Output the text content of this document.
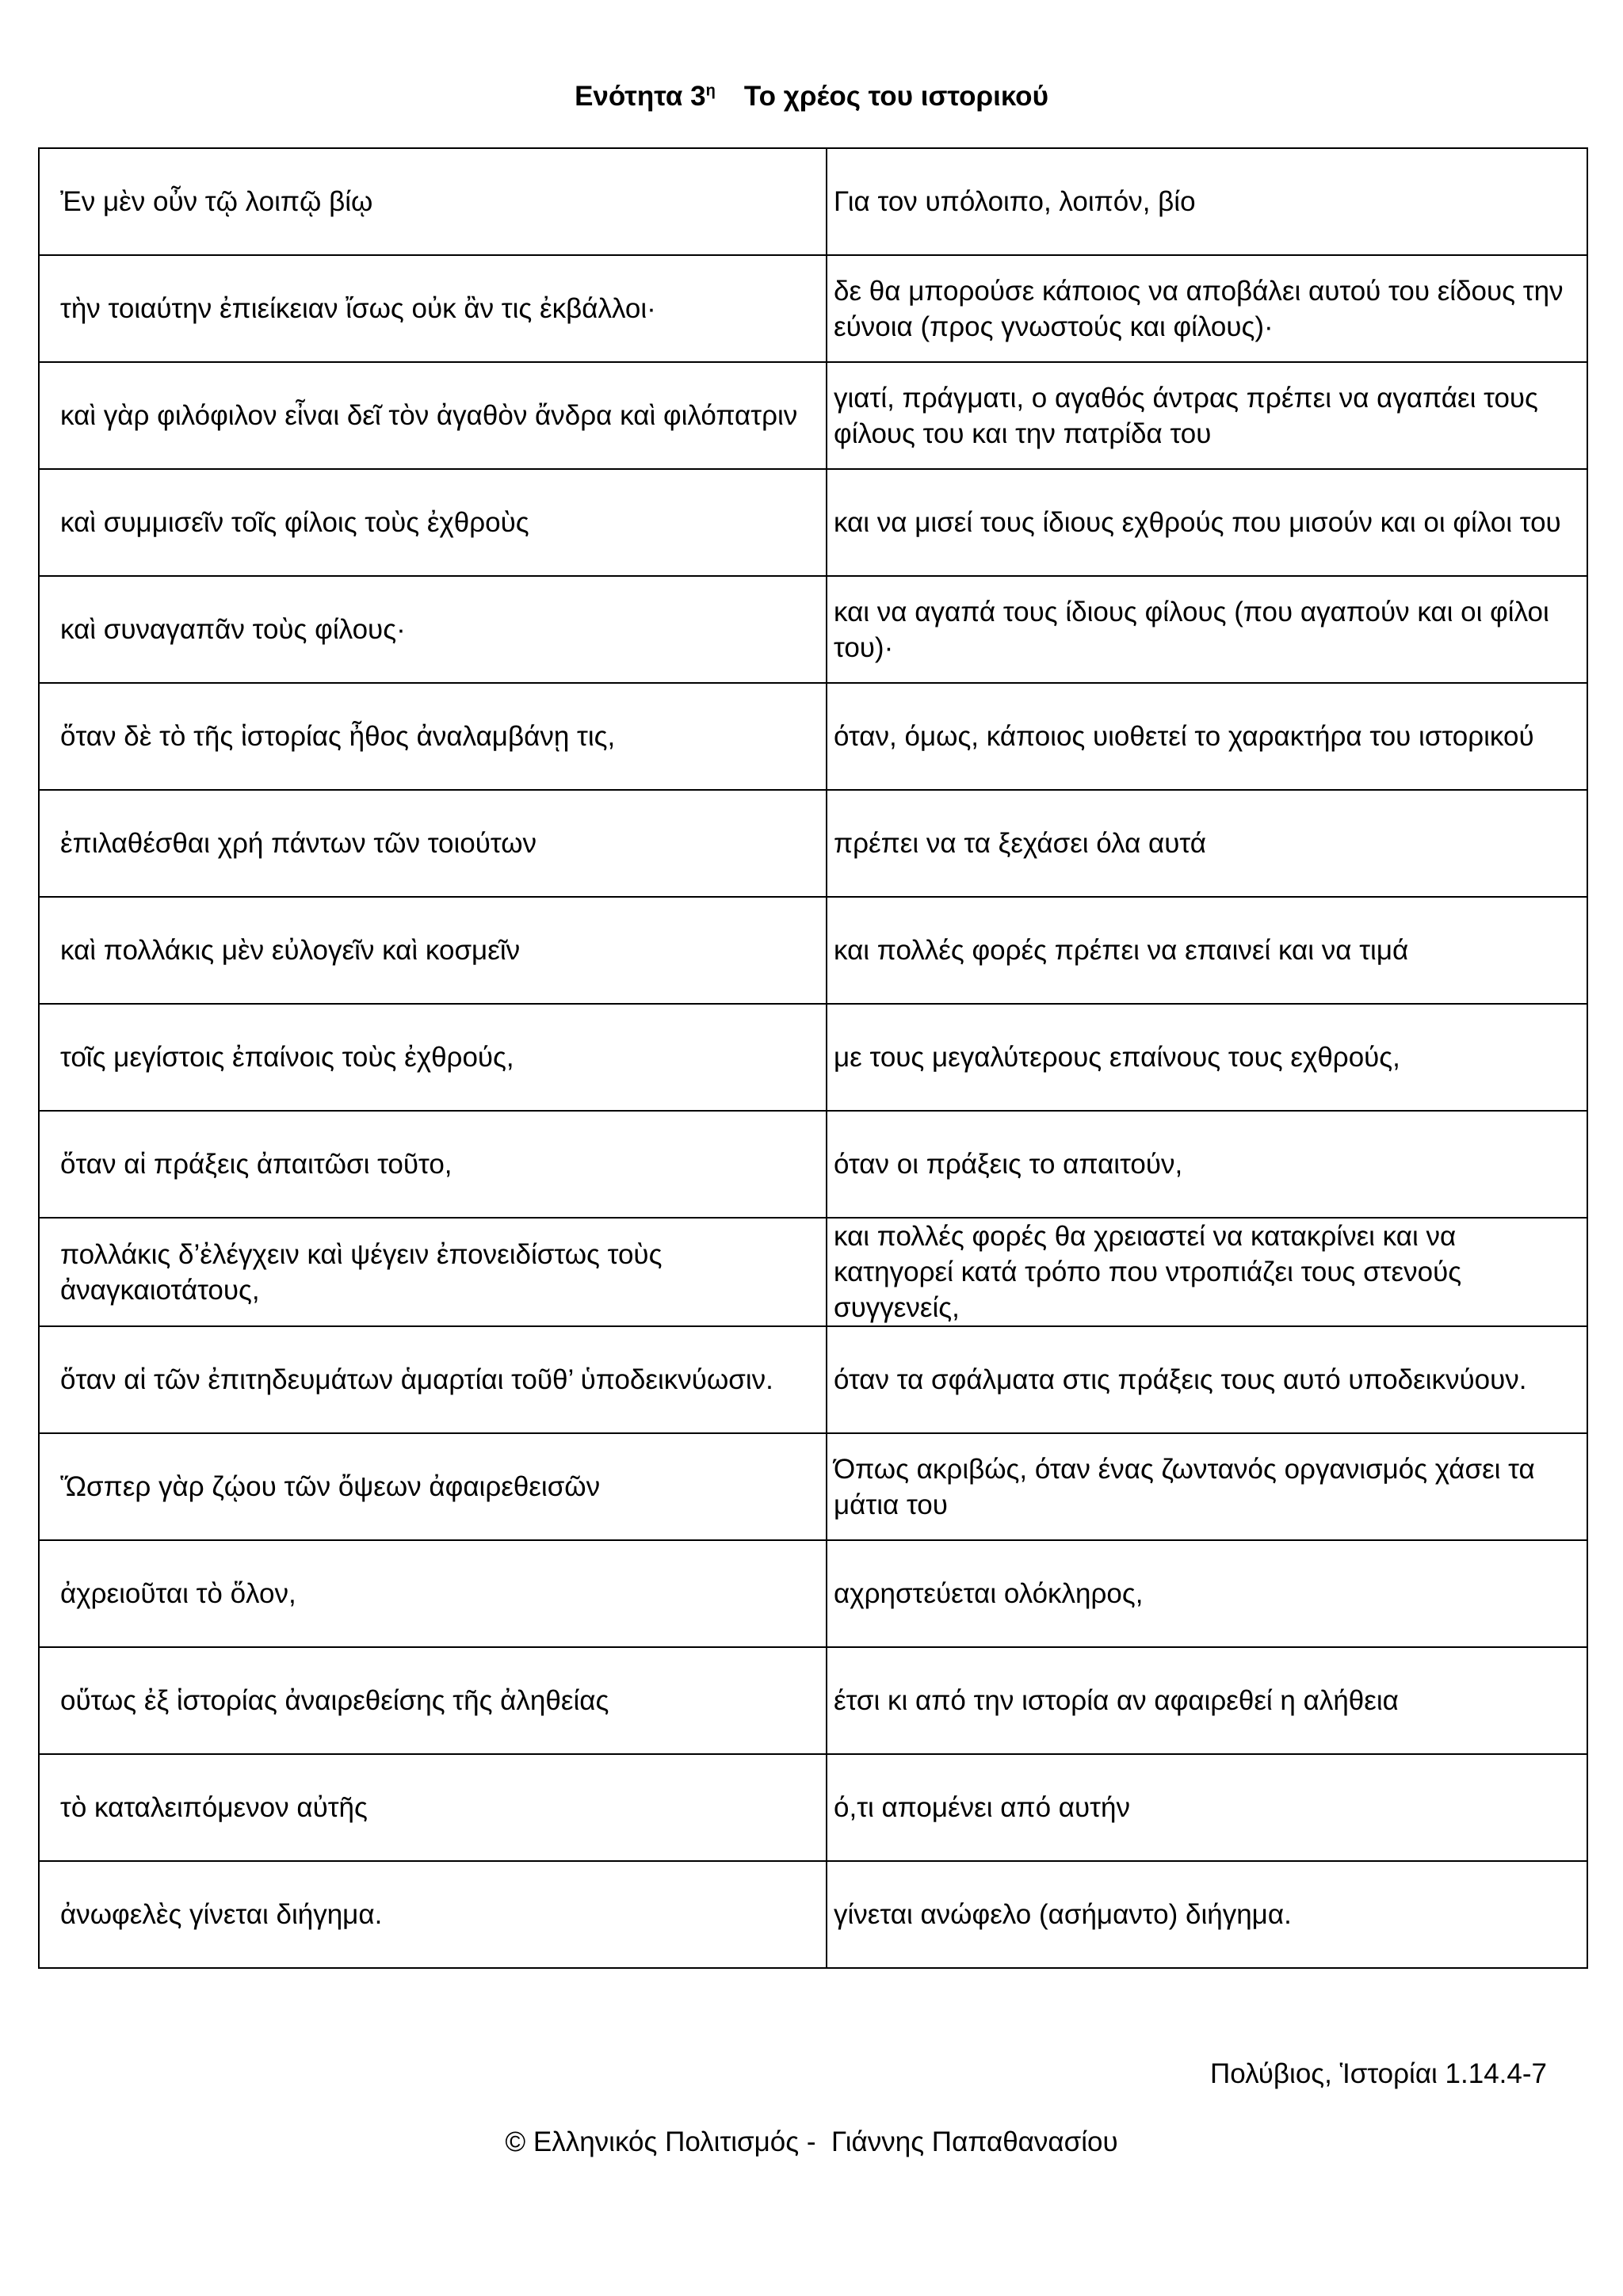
Ενότητα $3^\eta$ Το χρέος του ιστορικού
Ἐν μὲν οὖν τῷ λοιπῷ βίῳ	Για τον υπόλοιπο, λοιπόν, βίο
τὴν τοιαύτην ἐπιείκειαν ἴσως οὐκ ἂν τις ἐκβάλλοι·	δε θα μπορούσε κάποιος να αποβάλει αυτού του είδους την εύνοια (προς γνωστούς και φίλους)·
καὶ γὰρ φιλόφιλον εἶναι δεῖ τὸν ἀγαθὸν ἄνδρα καὶ φιλόπατριν	γιατί, πράγματι, ο αγαθός άντρας πρέπει να αγαπάει τους φίλους του και την πατρίδα του
καὶ συμμισεῖν τοῖς φίλοις τοὺς ἐχθροὺς	και να μισεί τους ίδιους εχθρούς που μισούν και οι φίλοι του
καὶ συναγαπᾶν τοὺς φίλους·	και να αγαπά τους ίδιους φίλους (που αγαπούν και οι φίλοι του)·
ὅταν δὲ τὸ τῆς ἱστορίας ἦθος ἀναλαμβάνῃ τις,	όταν, όμως, κάποιος υιοθετεί το χαρακτήρα του ιστορικού
ἐπιλαθέσθαι χρή πάντων τῶν τοιούτων	πρέπει να τα ξεχάσει όλα αυτά
καὶ πολλάκις μὲν εὐλογεῖν καὶ κοσμεῖν	και πολλές φορές πρέπει να επαινεί και να τιμά
τοῖς μεγίστοις ἐπαίνοις τοὺς ἐχθρούς,	με τους μεγαλύτερους επαίνους τους εχθρούς,
ὅταν αἱ πράξεις ἀπαιτῶσι τοῦτο,	όταν οι πράξεις το απαιτούν,
πολλάκις δ’ἐλέγχειν καὶ ψέγειν ἐπονειδίστως τοὺς ἀναγκαιοτάτους,	και πολλές φορές θα χρειαστεί να κατακρίνει και να κατηγορεί κατά τρόπο που ντροπιάζει τους στενούς συγγενείς,
ὅταν αἱ τῶν ἐπιτηδευμάτων ἁμαρτίαι τοῦθ’ ὑποδεικνύωσιν.	όταν τα σφάλματα στις πράξεις τους αυτό υποδεικνύουν.
Ὥσπερ γὰρ ζῴου τῶν ὄψεων ἀφαιρεθεισῶν	Όπως ακριβώς, όταν ένας ζωντανός οργανισμός χάσει τα μάτια του
ἀχρειοῦται τὸ ὅλον,	αχρηστεύεται ολόκληρος,
οὕτως ἐξ ἱστορίας ἀναιρεθείσης τῆς ἀληθείας	έτσι κι από την ιστορία αν αφαιρεθεί η αλήθεια
τὸ καταλειπόμενον αὐτῆς	ό,τι απομένει από αυτήν
ἀνωφελὲς γίνεται διήγημα.	γίνεται ανώφελο (ασήμαντο) διήγημα.
Πολύβιος, Ἱστορίαι 1.14.4-7
© Ελληνικός Πολιτισμός -  Γιάννης Παπαθανασίου
